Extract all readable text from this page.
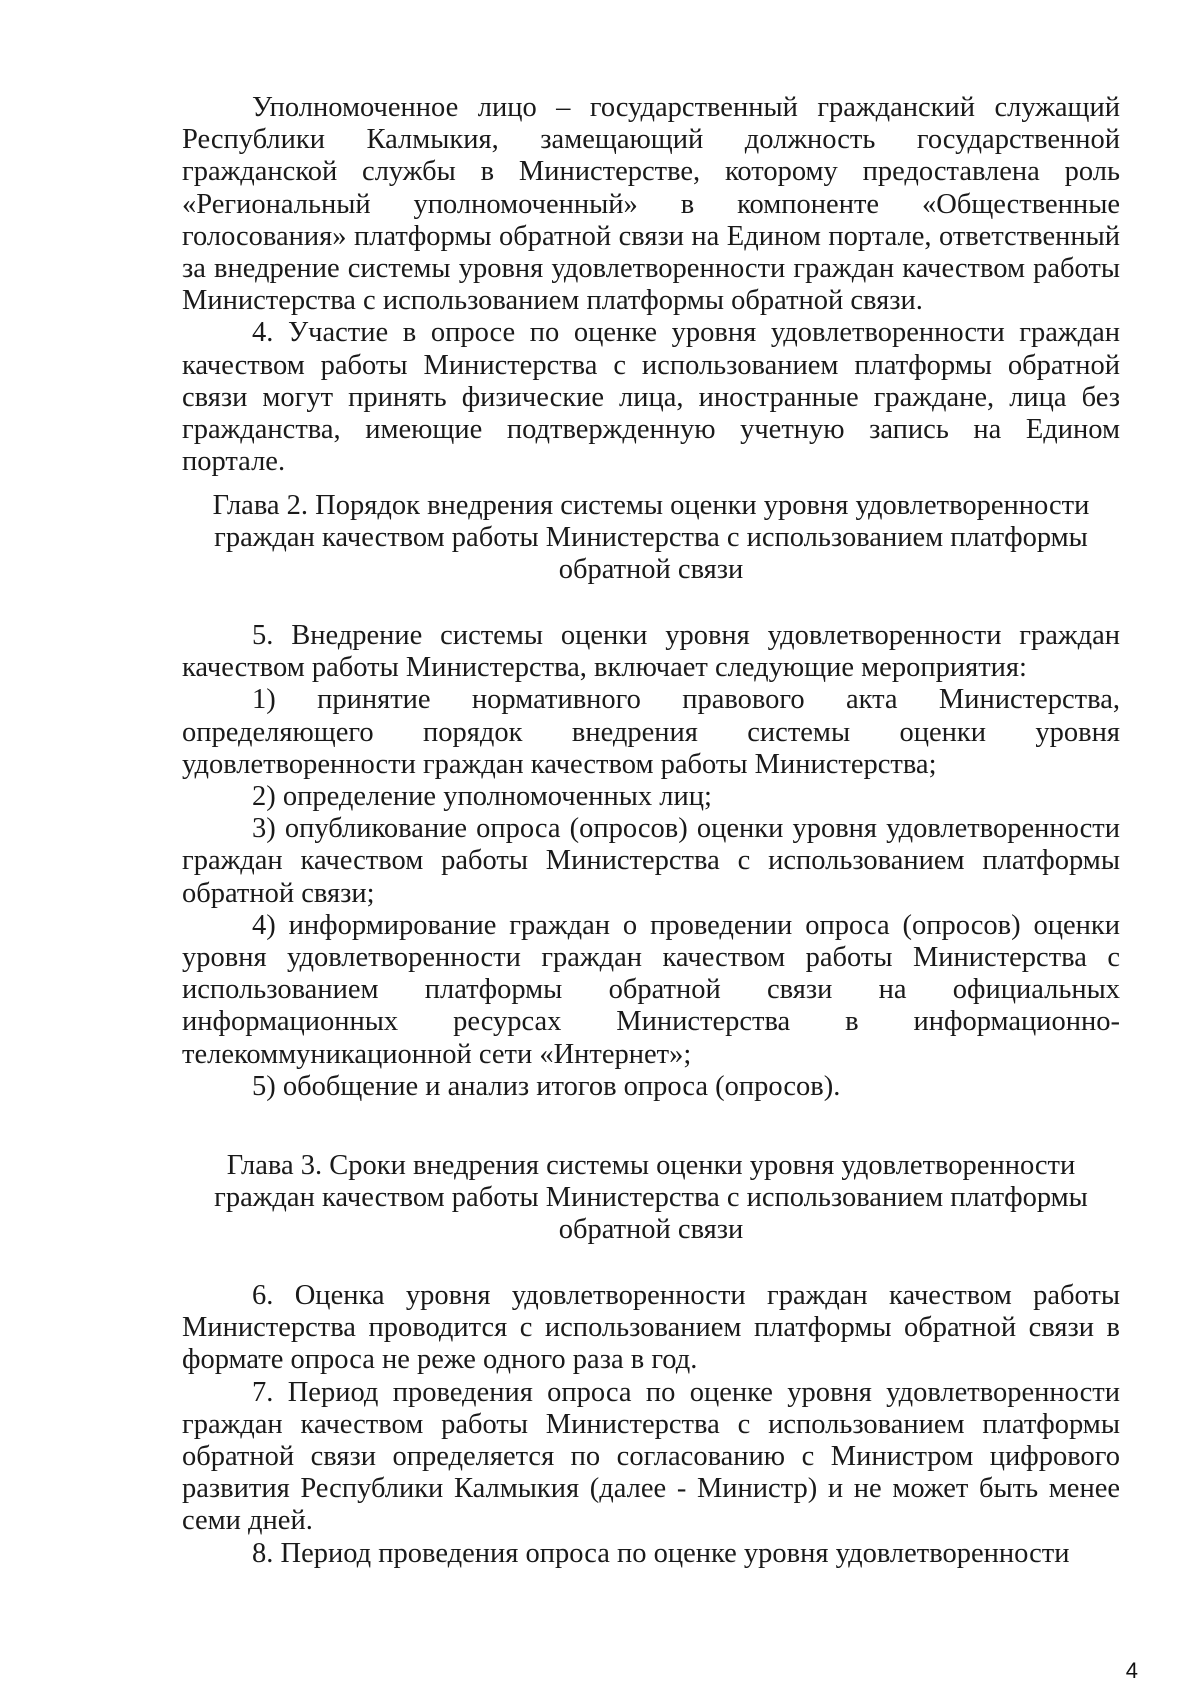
Уполномоченное лицо – государственный гражданский служащий Республики Калмыкия, замещающий должность государственной гражданской службы в Министерстве, которому предоставлена роль «Региональный уполномоченный» в компоненте «Общественные голосования» платформы обратной связи на Едином портале, ответственный за внедрение системы уровня удовлетворенности граждан качеством работы Министерства с использованием платформы обратной связи.

4. Участие в опросе по оценке уровня удовлетворенности граждан качеством работы Министерства с использованием платформы обратной связи могут принять физические лица, иностранные граждане, лица без гражданства, имеющие подтвержденную учетную запись на Едином портале.

Глава 2. Порядок внедрения системы оценки уровня удовлетворенности
граждан качеством работы Министерства с использованием платформы
обратной связи

5. Внедрение системы оценки уровня удовлетворенности граждан качеством работы Министерства, включает следующие мероприятия:

1) принятие нормативного правового акта Министерства, определяющего порядок внедрения системы оценки уровня удовлетворенности граждан качеством работы Министерства;

2) определение уполномоченных лиц;

3) опубликование опроса (опросов) оценки уровня удовлетворенности граждан качеством работы Министерства с использованием платформы обратной связи;

4) информирование граждан о проведении опроса (опросов) оценки уровня удовлетворенности граждан качеством работы Министерства с использованием платформы обратной связи на официальных информационных ресурсах Министерства в информационно-телекоммуникационной сети «Интернет»;

5) обобщение и анализ итогов опроса (опросов).

Глава 3. Сроки внедрения системы оценки уровня удовлетворенности
граждан качеством работы Министерства с использованием платформы
обратной связи

6. Оценка уровня удовлетворенности граждан качеством работы Министерства проводится с использованием платформы обратной связи в формате опроса не реже одного раза в год.

7. Период проведения опроса по оценке уровня удовлетворенности граждан качеством работы Министерства с использованием платформы обратной связи определяется по согласованию с Министром цифрового развития Республики Калмыкия (далее - Министр) и не может быть менее семи дней.

8. Период проведения опроса по оценке уровня удовлетворенности

4
